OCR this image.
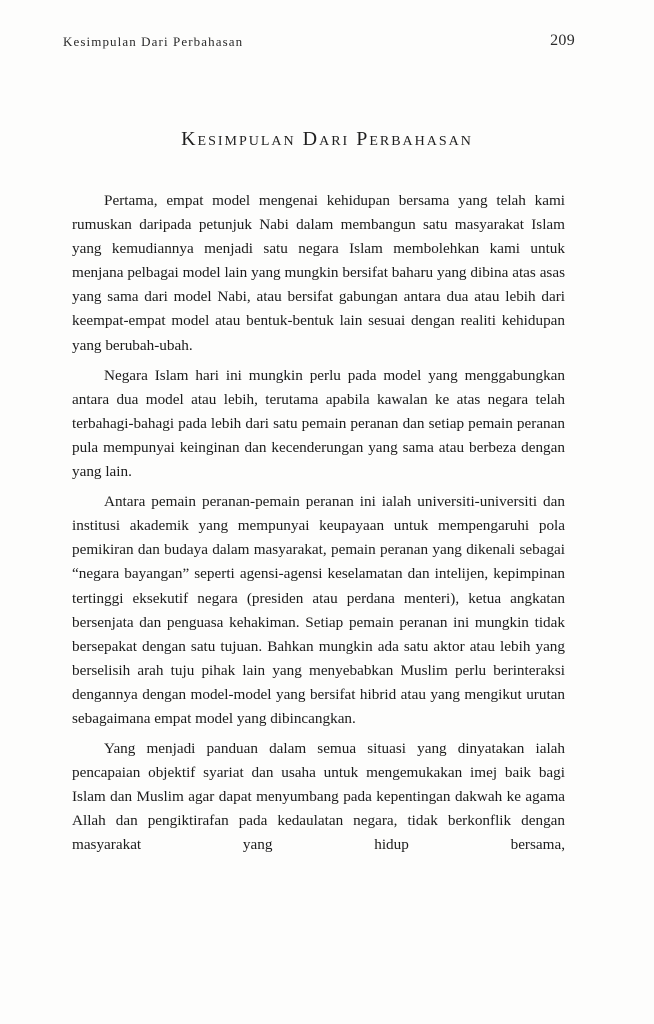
Kesimpulan Dari Perbahasan	209
Kesimpulan Dari Perbahasan

Pertama, empat model mengenai kehidupan bersama yang telah kami rumuskan daripada petunjuk Nabi dalam membangun satu masyarakat Islam yang kemudiannya menjadi satu negara Islam membolehkan kami untuk menjana pelbagai model lain yang mungkin bersifat baharu yang dibina atas asas yang sama dari model Nabi, atau bersifat gabungan antara dua atau lebih dari keempat-empat model atau bentuk-bentuk lain sesuai dengan realiti kehidupan yang berubah-ubah.

Negara Islam hari ini mungkin perlu pada model yang menggabungkan antara dua model atau lebih, terutama apabila kawalan ke atas negara telah terbahagi-bahagi pada lebih dari satu pemain peranan dan setiap pemain peranan pula mempunyai keinginan dan kecenderungan yang sama atau berbeza dengan yang lain.

Antara pemain peranan-pemain peranan ini ialah universiti-universiti dan institusi akademik yang mempunyai keupayaan untuk mempengaruhi pola pemikiran dan budaya dalam masyarakat, pemain peranan yang dikenali sebagai “negara bayangan” seperti agensi-agensi keselamatan dan intelijen, kepimpinan tertinggi eksekutif negara (presiden atau perdana menteri), ketua angkatan bersenjata dan penguasa kehakiman. Setiap pemain peranan ini mungkin tidak bersepakat dengan satu tujuan. Bahkan mungkin ada satu aktor atau lebih yang berselisih arah tuju pihak lain yang menyebabkan Muslim perlu berinteraksi dengannya dengan model-model yang bersifat hibrid atau yang mengikut urutan sebagaimana empat model yang dibincangkan.

Yang menjadi panduan dalam semua situasi yang dinyatakan ialah pencapaian objektif syariat dan usaha untuk mengemukakan imej baik bagi Islam dan Muslim agar dapat menyumbang pada kepentingan dakwah ke agama Allah dan pengiktirafan pada kedaulatan negara, tidak berkonflik dengan masyarakat yang hidup bersama,
